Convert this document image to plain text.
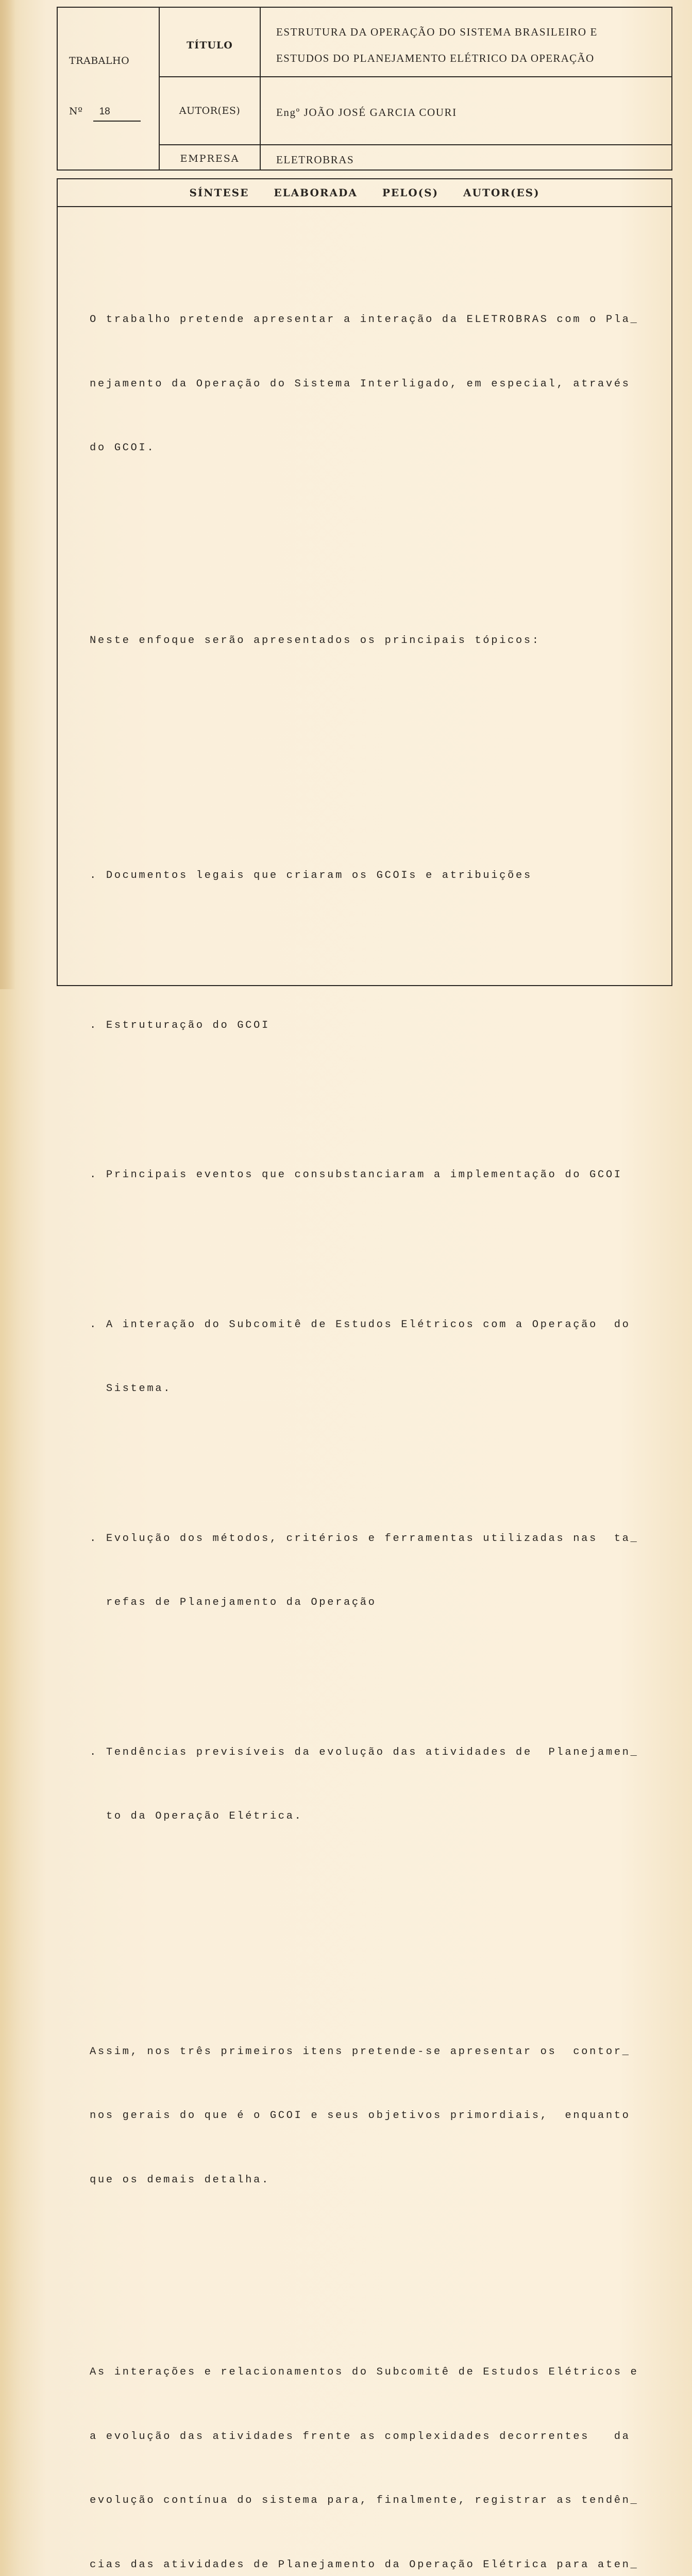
TRABALHO
Nº	18
TÍTULO
AUTOR(ES)
EMPRESA
ESTRUTURA DA OPERAÇÃO DO SISTEMA BRASILEIRO E
ESTUDOS DO PLANEJAMENTO ELÉTRICO DA OPERAÇÃO
Engº JOÃO JOSÉ GARCIA COURI
ELETROBRAS
SÍNTESE ELABORADA PELO(S) AUTOR(ES)

O trabalho pretende apresentar a interação da ELETROBRAS com o Pla_

nejamento da Operação do Sistema Interligado, em especial, através

do GCOI.

Neste enfoque serão apresentados os principais tópicos:

. Documentos legais que criaram os GCOIs e atribuições

. Estruturação do GCOI

. Principais eventos que consubstanciaram a implementação do GCOI

. A interação do Subcomitê de Estudos Elétricos com a Operação  do

Sistema.

. Evolução dos métodos, critérios e ferramentas utilizadas nas  ta_

refas de Planejamento da Operação

. Tendências previsíveis da evolução das atividades de  Planejamen_

to da Operação Elétrica.

Assim, nos três primeiros itens pretende-se apresentar os  contor_

nos gerais do que é o GCOI e seus objetivos primordiais,  enquanto

que os demais detalha.

As interações e relacionamentos do Subcomitê de Estudos Elétricos e

a evolução das atividades frente as complexidades decorrentes   da

evolução contínua do sistema para, finalmente, registrar as tendên_

cias das atividades de Planejamento da Operação Elétrica para aten_
